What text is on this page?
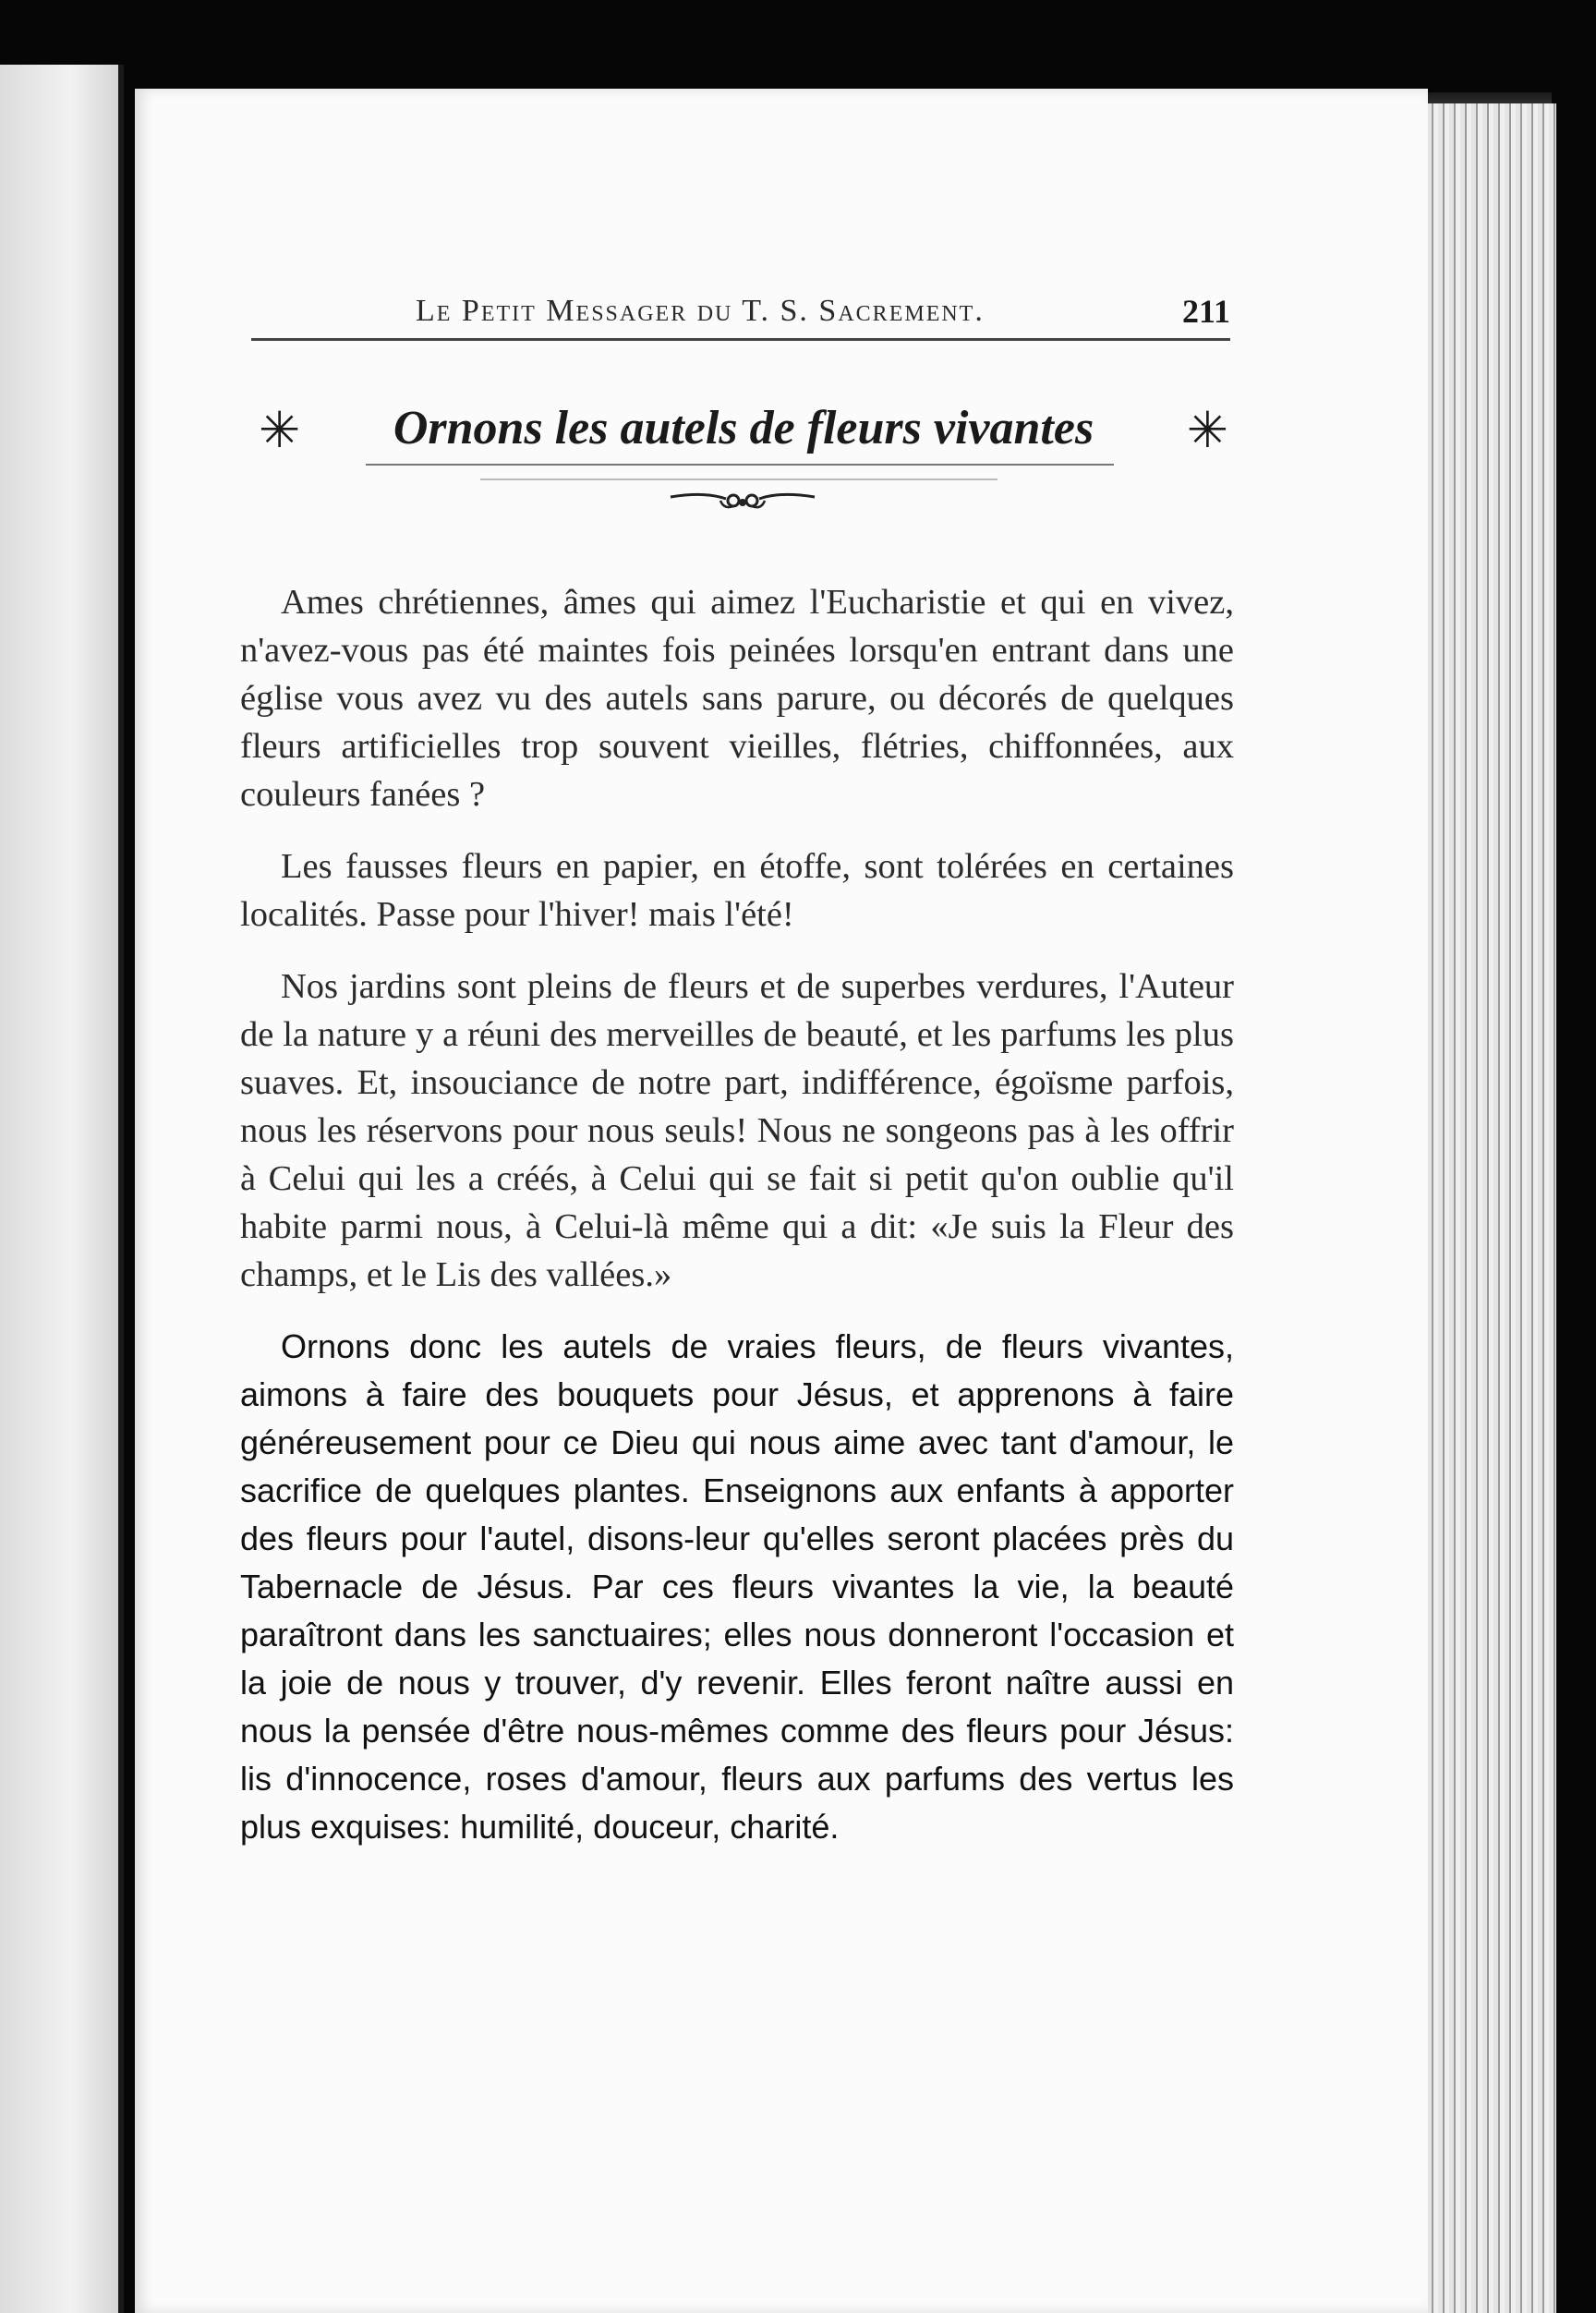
Le Petit Messager du T. S. Sacrement.	211
✳	Ornons les autels de fleurs vivantes	✳

Ames chrétiennes, âmes qui aimez l'Eucharistie et qui en vivez, n'avez-vous pas été maintes fois peinées lorsqu'en entrant dans une église vous avez vu des autels sans parure, ou décorés de quelques fleurs artificielles trop souvent vieilles, flétries, chiffonnées, aux couleurs fanées ?

Les fausses fleurs en papier, en étoffe, sont tolérées en certaines localités. Passe pour l'hiver! mais l'été!

Nos jardins sont pleins de fleurs et de superbes verdures, l'Auteur de la nature y a réuni des merveilles de beauté, et les parfums les plus suaves. Et, insouciance de notre part, indifférence, égoïsme parfois, nous les réservons pour nous seuls! Nous ne songeons pas à les offrir à Celui qui les a créés, à Celui qui se fait si petit qu'on oublie qu'il habite parmi nous, à Celui-là même qui a dit: «Je suis la Fleur des champs, et le Lis des vallées.»

Ornons donc les autels de vraies fleurs, de fleurs vivantes, aimons à faire des bouquets pour Jésus, et apprenons à faire généreusement pour ce Dieu qui nous aime avec tant d'amour, le sacrifice de quelques plantes. Enseignons aux enfants à apporter des fleurs pour l'autel, disons-leur qu'elles seront placées près du Tabernacle de Jésus. Par ces fleurs vivantes la vie, la beauté paraîtront dans les sanctuaires; elles nous donneront l'occasion et la joie de nous y trouver, d'y revenir. Elles feront naître aussi en nous la pensée d'être nous-mêmes comme des fleurs pour Jésus: lis d'innocence, roses d'amour, fleurs aux parfums des vertus les plus exquises: humilité, douceur, charité.
